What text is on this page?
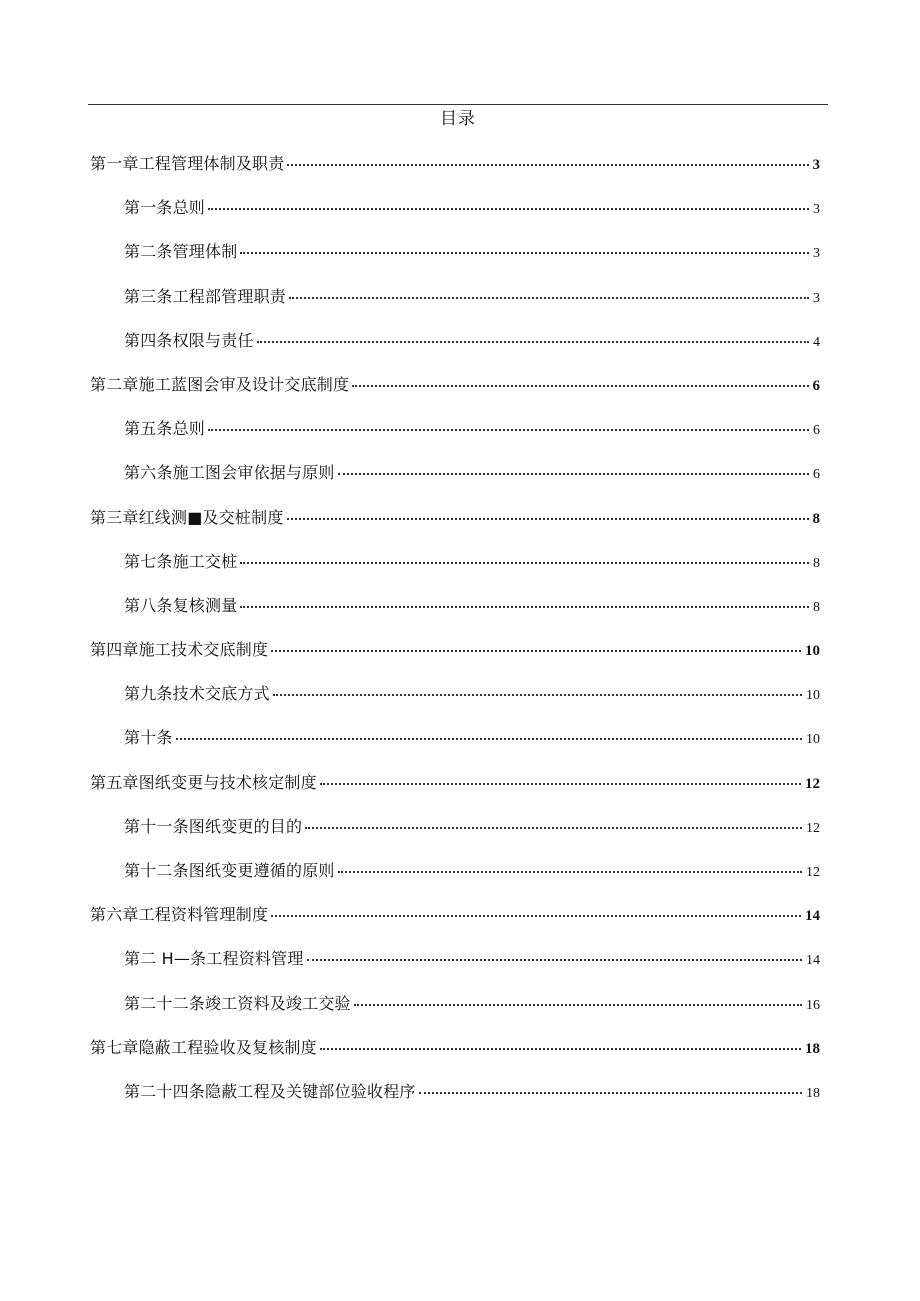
目录
第一章工程管理体制及职责	3
第一条总则	3
第二条管理体制	3
第三条工程部管理职责	3
第四条权限与责任	4
第二章施工蓝图会审及设计交底制度	6
第五条总则	6
第六条施工图会审依据与原则	6
第三章红线测■及交桩制度	8
第七条施工交桩	8
第八条复核测量	8
第四章施工技术交底制度	10
第九条技术交底方式	10
第十条	10
第五章图纸变更与技术核定制度	12
第十一条图纸变更的目的	12
第十二条图纸变更遵循的原则	12
第六章工程资料管理制度	14
第二 H—条工程资料管理	14
第二十二条竣工资料及竣工交验	16
第七章隐蔽工程验收及复核制度	18
第二十四条隐蔽工程及关键部位验收程序	18
